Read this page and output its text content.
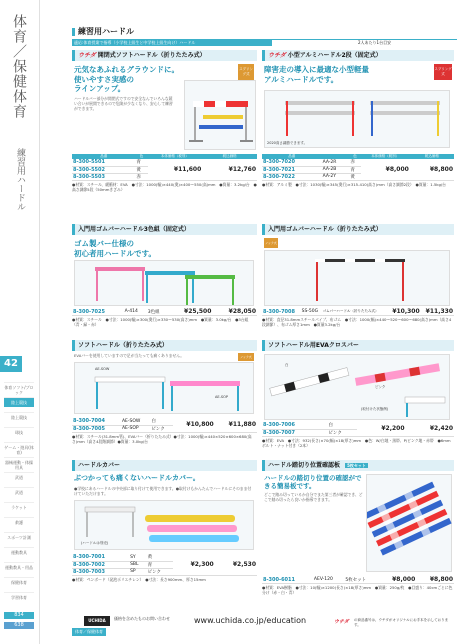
体育／保健体育
練習用ハードル
42
体育ソフト/ブロック
陸上競技
陸上競技
球技
ゲーム・遊具(体育)
器械運動・体操用具
武道
武道
ラケット
救護
スポーツ計測
運動教具
運動教具・用品
保健体育
学習体育
834
638
練習用ハードル
適応:体育授業で指導（小学校上級生と中学校上級生向け）ハードル	2人あたり1台目安
ウチダ 開閉式ソフトハードル（折りたたみ式）
元気なあふれるグラウンドに。
使いやすさ実感の
ラインアップ。
ハードルバー部分が開閉式ですので安全なんでいろんな競い合いが展開できるので危険が少なくなり、安心して練習ができます。
スプリング式
品番	色	本体価格（税別）	税込価格
8-300-5501	青	¥11,600	¥12,760
8-300-5502	黄		
8-300-5503	赤		
●材質：スチール、緩衝材：EVA　●寸法：1000(幅)×440(奥)×400〜550(高)mm　●質量：3.2kg/台　●高さ調節5段（50mmきざみ）
ウチダ 小型アルミハードル2段（固定式）
障害走の導入に最適な小型軽量
アルミハードルです。
スプリング式
2020高さ調節できます。
品番		色	本体価格（税別）	税込価格
8-300-7020	AA-2R	赤	¥8,000	¥8,800
8-300-7021	AA-2B	青		
8-300-7022	AA-2Y	黄		
●材質：アルミ製　●寸法：1030(幅)×345(奥行)×315-410(高さ)mm（高さ調節2段）　●質量：1.5kg/台
入門用ゴムバーハードル3色組（固定式）
ゴム製バー仕様の
初心者用ハードルです。
8-300-7025	A-414	3色組	¥25,500	¥28,050
●材質：スチール　●寸法：1000(幅)×300(奥行)×330〜530(高さ)mm　●質量：3.0kg/台　●3台組（青・緑・赤）
入門用ゴムバーハードル（折りたたみ式）
ノック式
8-300-7008	SS-50G	ゴムバーハードル（折りたたみ式）	¥10,300	¥11,330
●材質：直径31.8mmスチールパイプ、布ゴム　●寸法：1000(幅)×440〜520〜600〜680(高さ)mm（高さ4段調節）、布ゴム厚さ1mm　●質量3.2kg/台
ソフトハードル（折りたたみ式）
EVAバーを使用していますので足が当たっても痛くありません。	ノック式
AE-SOW
AE-SOP
8-300-7004	AE-SOW	白	¥10,800	¥11,880
8-300-7005	AE-SOP	ピンク		
●材質：スチール(31.8mm管)、EVAバー（折りたたみ式）●寸法：1000(幅)×440×520×600×680(高さ)mm（高さ4段階調節）●質量：3.0kg/台
ソフトハードル用EVAクロスバー
白
ピンク
(取付けた状態例)
8-300-7006	白	¥2,200	¥2,420
8-300-7007	ピンク		
●材質：EVA　●寸法：932(長さ)×70(幅)×18(厚さ)mm　●色：W/白地・黒帯、P/ピンク地・赤帯　●6mmボルト・ナット付き（2本）
ハードルカバー
ぶつかっても痛くないハードルカバー。
●学校にあるハードルの中央部に取り付けて使用できます。●取付けもかんたんでハードルにそのまま付けていただけます。
(ハードルは別売)
8-300-7001	SY	黄	¥2,300	¥2,530
8-300-7002	SBL	青		
8-300-7003	SP	ピンク		
●材質：ペンボード（発泡ポリエチレン）　●寸法：長さ900mm、厚さ15mm
ハードル踏切り位置確認板 5枚セット
ハードルの踏切り位置の確認がで
きる簡易板です。
どこで踏み切っているか自分でまた第三者が確認でき、どこで踏み切ったら良いか指導できます。
8-300-6011	AEV-120	5枚セット	¥8,000	¥8,800
●材質：EVA樹脂　●寸法：10(幅)×1200(長さ)×18(厚さ)mm　●質量：250g/枚　●目盛り：40cmごとに色分け（赤・白・青）
UCHIDA	価格を含めたものお問い合わせ	www.uchida.co.jp/education	ウチダ の商品番号は、ウチダがオリジナルにお手本を示しております。
体育／保健体育
